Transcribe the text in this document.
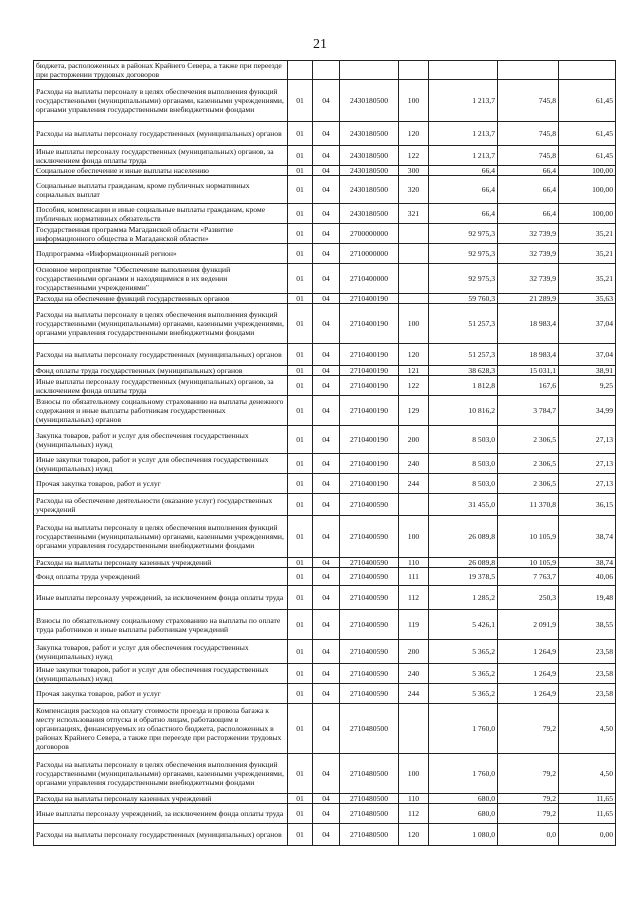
21
бюджета, расположенных в районах Крайнего Севера, а также при переезде при расторжении трудовых договоров							
Расходы на выплаты персоналу в целях обеспечения выполнения функций государственными (муниципальными) органами, казенными учреждениями, органами управления государственными внебюджетными фондами	01	04	2430180500	100	1 213,7	745,8	61,45
Расходы на выплаты персоналу государственных (муниципальных) органов	01	04	2430180500	120	1 213,7	745,8	61,45
Иные выплаты персоналу государственных (муниципальных) органов, за исключением фонда оплаты труда	01	04	2430180500	122	1 213,7	745,8	61,45
Социальное обеспечение и иные выплаты населению	01	04	2430180500	300	66,4	66,4	100,00
Социальные выплаты гражданам, кроме публичных нормативных социальных выплат	01	04	2430180500	320	66,4	66,4	100,00
Пособия, компенсации и иные социальные выплаты гражданам, кроме публичных нормативных обязательств	01	04	2430180500	321	66,4	66,4	100,00
Государственная программа Магаданской области «Развитие информационного общества в Магаданской области»	01	04	2700000000		92 975,3	32 739,9	35,21
Подпрограмма «Информационный регион»	01	04	2710000000		92 975,3	32 739,9	35,21
Основное мероприятие "Обеспечение выполнения функций государственными органами и находящимися в их ведении государственными учреждениями"	01	04	2710400000		92 975,3	32 739,9	35,21
Расходы на обеспечение функций государственных органов	01	04	2710400190		59 760,3	21 289,9	35,63
Расходы на выплаты персоналу в целях обеспечения выполнения функций государственными (муниципальными) органами, казенными учреждениями, органами управления государственными внебюджетными фондами	01	04	2710400190	100	51 257,3	18 983,4	37,04
Расходы на выплаты персоналу государственных (муниципальных) органов	01	04	2710400190	120	51 257,3	18 983,4	37,04
Фонд оплаты труда государственных (муниципальных) органов	01	04	2710400190	121	38 628,3	15 031,1	38,91
Иные выплаты персоналу государственных (муниципальных) органов, за исключением фонда оплаты труда	01	04	2710400190	122	1 812,8	167,6	9,25
Взносы по обязательному социальному страхованию на выплаты денежного содержания и иные выплаты работникам государственных (муниципальных) органов	01	04	2710400190	129	10 816,2	3 784,7	34,99
Закупка товаров, работ и услуг для обеспечения государственных (муниципальных) нужд	01	04	2710400190	200	8 503,0	2 306,5	27,13
Иные закупки товаров, работ и услуг для обеспечения государственных (муниципальных) нужд	01	04	2710400190	240	8 503,0	2 306,5	27,13
Прочая закупка товаров, работ и услуг	01	04	2710400190	244	8 503,0	2 306,5	27,13
Расходы на обеспечение деятельности (оказание услуг) государственных учреждений	01	04	2710400590		31 455,0	11 370,8	36,15
Расходы на выплаты персоналу в целях обеспечения выполнения функций государственными (муниципальными) органами, казенными учреждениями, органами управления государственными внебюджетными фондами	01	04	2710400590	100	26 089,8	10 105,9	38,74
Расходы на выплаты персоналу казенных учреждений	01	04	2710400590	110	26 089,8	10 105,9	38,74
Фонд оплаты труда учреждений	01	04	2710400590	111	19 378,5	7 763,7	40,06
Иные выплаты персоналу учреждений, за исключением фонда оплаты труда	01	04	2710400590	112	1 285,2	250,3	19,48
Взносы по обязательному социальному страхованию на выплаты по оплате труда работников и иные выплаты работникам учреждений	01	04	2710400590	119	5 426,1	2 091,9	38,55
Закупка товаров, работ и услуг для обеспечения государственных (муниципальных) нужд	01	04	2710400590	200	5 365,2	1 264,9	23,58
Иные закупки товаров, работ и услуг для обеспечения государственных (муниципальных) нужд	01	04	2710400590	240	5 365,2	1 264,9	23,58
Прочая закупка товаров, работ и услуг	01	04	2710400590	244	5 365,2	1 264,9	23,58
Компенсация расходов на оплату стоимости проезда и провоза багажа к месту использования отпуска и обратно лицам, работающим в организациях, финансируемых из областного бюджета, расположенных в районах Крайнего Севера, а также при переезде при расторжении трудовых договоров	01	04	2710480500		1 760,0	79,2	4,50
Расходы на выплаты персоналу в целях обеспечения выполнения функций государственными (муниципальными) органами, казенными учреждениями, органами управления государственными внебюджетными фондами	01	04	2710480500	100	1 760,0	79,2	4,50
Расходы на выплаты персоналу казенных учреждений	01	04	2710480500	110	680,0	79,2	11,65
Иные выплаты персоналу учреждений, за исключением фонда оплаты труда	01	04	2710480500	112	680,0	79,2	11,65
Расходы на выплаты персоналу государственных (муниципальных) органов	01	04	2710480500	120	1 080,0	0,0	0,00
